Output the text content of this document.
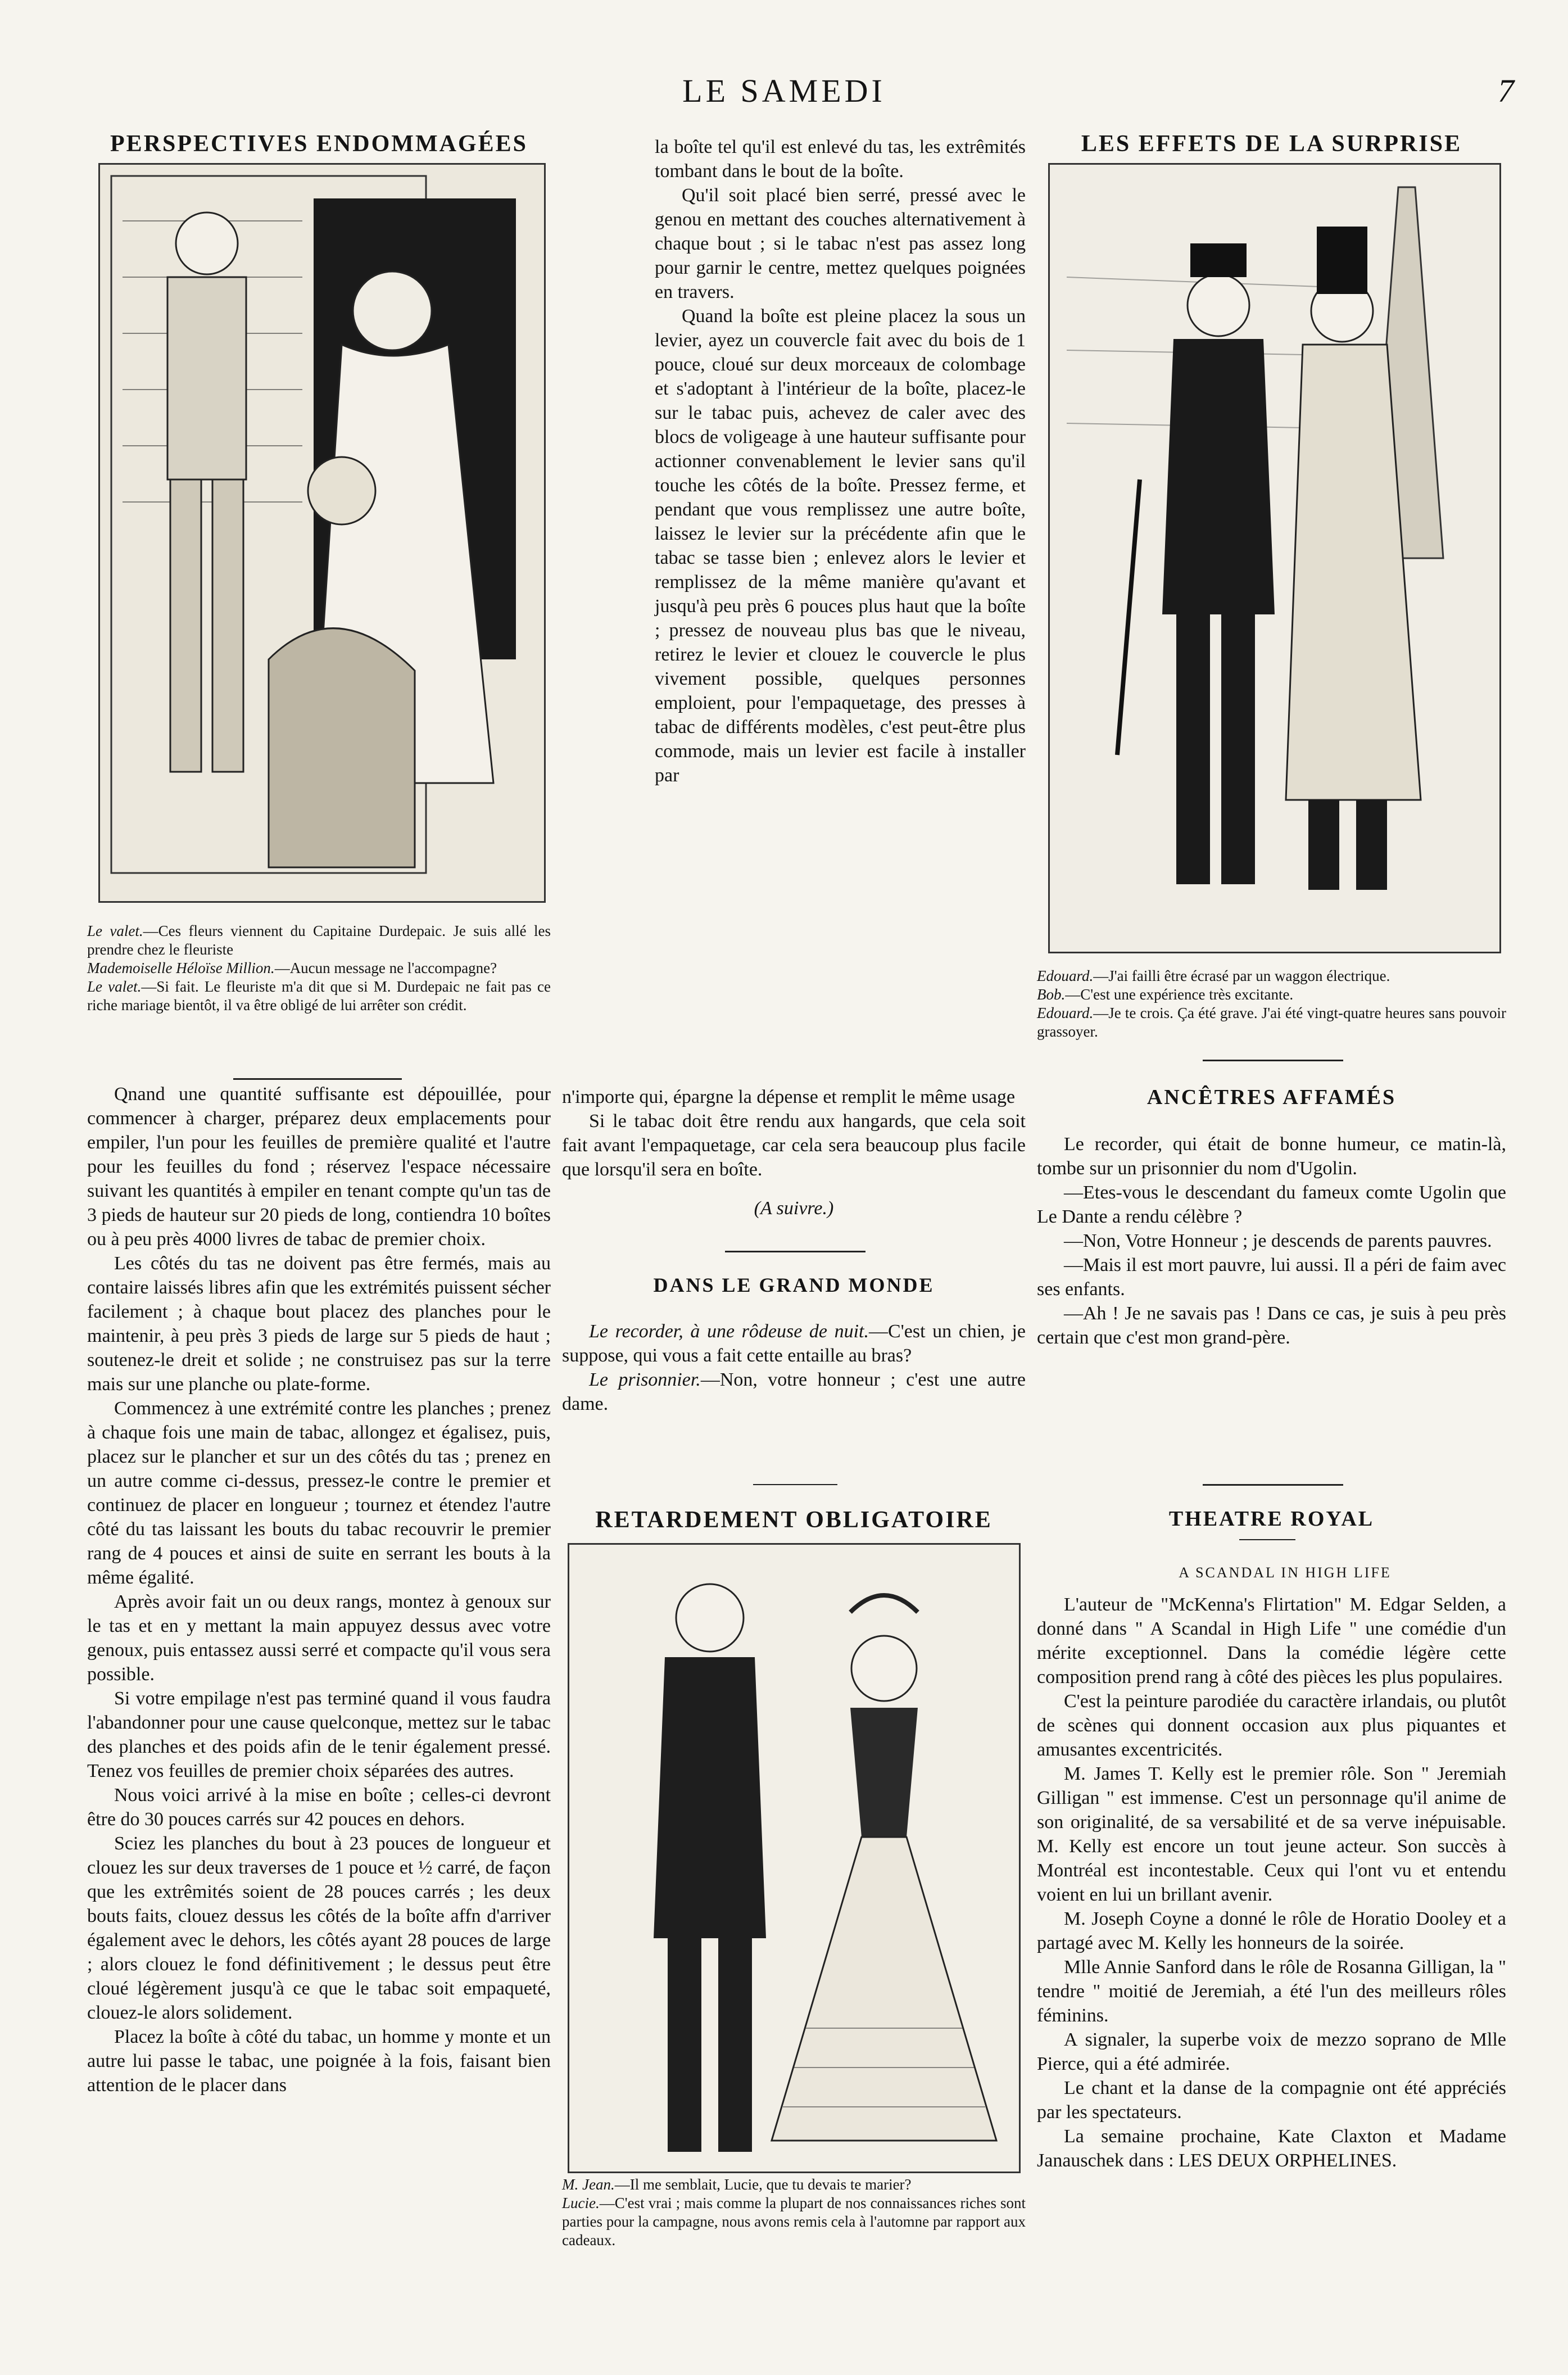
LE SAMEDI	7
PERSPECTIVES ENDOMMAGÉES

Le valet.—Ces fleurs viennent du Capitaine Durdepaic. Je suis allé les prendre chez le fleuriste

Mademoiselle Héloïse Million.—Aucun message ne l'accompagne?

Le valet.—Si fait. Le fleuriste m'a dit que si M. Durdepaic ne fait pas ce riche mariage bientôt, il va être obligé de lui arrêter son crédit.

Qnand une quantité suffisante est dépouillée, pour commencer à charger, préparez deux emplacements pour empiler, l'un pour les feuilles de première qualité et l'autre pour les feuilles du fond ; réservez l'espace nécessaire suivant les quantités à empiler en tenant compte qu'un tas de 3 pieds de hauteur sur 20 pieds de long, contiendra 10 boîtes ou à peu près 4000 livres de tabac de premier choix.

Les côtés du tas ne doivent pas être fermés, mais au contaire laissés libres afin que les extrémités puissent sécher facilement ; à chaque bout placez des planches pour le maintenir, à peu près 3 pieds de large sur 5 pieds de haut ; soutenez-le dreit et solide ; ne construisez pas sur la terre mais sur une planche ou plate-forme.

Commencez à une extrémité contre les planches ; prenez à chaque fois une main de tabac, allongez et égalisez, puis, placez sur le plancher et sur un des côtés du tas ; prenez en un autre comme ci-dessus, pressez-le contre le premier et continuez de placer en longueur ; tournez et étendez l'autre côté du tas laissant les bouts du tabac recouvrir le premier rang de 4 pouces et ainsi de suite en serrant les bouts à la même égalité.

Après avoir fait un ou deux rangs, montez à genoux sur le tas et en y mettant la main appuyez dessus avec votre genoux, puis entassez aussi serré et compacte qu'il vous sera possible.

Si votre empilage n'est pas terminé quand il vous faudra l'abandonner pour une cause quelconque, mettez sur le tabac des planches et des poids afin de le tenir également pressé. Tenez vos feuilles de premier choix séparées des autres.

Nous voici arrivé à la mise en boîte ; celles-ci devront être do 30 pouces carrés sur 42 pouces en dehors.

Sciez les planches du bout à 23 pouces de longueur et clouez les sur deux traverses de 1 pouce et ½ carré, de façon que les extrêmités soient de 28 pouces carrés ; les deux bouts faits, clouez dessus les côtés de la boîte affn d'arriver également avec le dehors, les côtés ayant 28 pouces de large ; alors clouez le fond définitivement ; le dessus peut être cloué légèrement jusqu'à ce que le tabac soit empaqueté, clouez-le alors solidement.

Placez la boîte à côté du tabac, un homme y monte et un autre lui passe le tabac, une poignée à la fois, faisant bien attention de le placer dans

la boîte tel qu'il est enlevé du tas, les extrêmités tombant dans le bout de la boîte.

Qu'il soit placé bien serré, pressé avec le genou en mettant des couches alternativement à chaque bout ; si le tabac n'est pas assez long pour garnir le centre, mettez quelques poignées en travers.

Quand la boîte est pleine placez la sous un levier, ayez un couvercle fait avec du bois de 1 pouce, cloué sur deux morceaux de colombage et s'adoptant à l'intérieur de la boîte, placez-le sur le tabac puis, achevez de caler avec des blocs de voligeage à une hauteur suffisante pour actionner convenablement le levier sans qu'il touche les côtés de la boîte. Pressez ferme, et pendant que vous remplissez une autre boîte, laissez le levier sur la précédente afin que le tabac se tasse bien ; enlevez alors le levier et remplissez de la même manière qu'avant et jusqu'à peu près 6 pouces plus haut que la boîte ; pressez de nouveau plus bas que le niveau, retirez le levier et clouez le couvercle le plus vivement possible, quelques personnes emploient, pour l'empaquetage, des presses à tabac de différents modèles, c'est peut-être plus commode, mais un levier est facile à installer par

n'importe qui, épargne la dépense et remplit le même usage

Si le tabac doit être rendu aux hangards, que cela soit fait avant l'empaquetage, car cela sera beaucoup plus facile que lorsqu'il sera en boîte.

(A suivre.)

DANS LE GRAND MONDE

Le recorder, à une rôdeuse de nuit.—C'est un chien, je suppose, qui vous a fait cette entaille au bras?

Le prisonnier.—Non, votre honneur ; c'est une autre dame.

RETARDEMENT OBLIGATOIRE

M. Jean.—Il me semblait, Lucie, que tu devais te marier?

Lucie.—C'est vrai ; mais comme la plupart de nos connaissances riches sont parties pour la campagne, nous avons remis cela à l'automne par rapport aux cadeaux.

LES EFFETS DE LA SURPRISE

Edouard.—J'ai failli être écrasé par un waggon électrique.

Bob.—C'est une expérience très excitante.

Edouard.—Je te crois. Ça été grave. J'ai été vingt-quatre heures sans pouvoir grassoyer.

ANCÊTRES AFFAMÉS

Le recorder, qui était de bonne humeur, ce matin-là, tombe sur un prisonnier du nom d'Ugolin.

—Etes-vous le descendant du fameux comte Ugolin que Le Dante a rendu célèbre ?

—Non, Votre Honneur ; je descends de parents pauvres.

—Mais il est mort pauvre, lui aussi. Il a péri de faim avec ses enfants.

—Ah ! Je ne savais pas ! Dans ce cas, je suis à peu près certain que c'est mon grand-père.

THEATRE ROYAL

A SCANDAL IN HIGH LIFE

L'auteur de "McKenna's Flirtation" M. Edgar Selden, a donné dans " A Scandal in High Life " une comédie d'un mérite exceptionnel. Dans la comédie légère cette composition prend rang à côté des pièces les plus populaires.

C'est la peinture parodiée du caractère irlandais, ou plutôt de scènes qui donnent occasion aux plus piquantes et amusantes excentricités.

M. James T. Kelly est le premier rôle. Son " Jeremiah Gilligan " est immense. C'est un personnage qu'il anime de son originalité, de sa versabilité et de sa verve inépuisable. M. Kelly est encore un tout jeune acteur. Son succès à Montréal est incontestable. Ceux qui l'ont vu et entendu voient en lui un brillant avenir.

M. Joseph Coyne a donné le rôle de Horatio Dooley et a partagé avec M. Kelly les honneurs de la soirée.

Mlle Annie Sanford dans le rôle de Rosanna Gilligan, la " tendre " moitié de Jeremiah, a été l'un des meilleurs rôles féminins.

A signaler, la superbe voix de mezzo soprano de Mlle Pierce, qui a été admirée.

Le chant et la danse de la compagnie ont été appréciés par les spectateurs.

La semaine prochaine, Kate Claxton et Madame Janauschek dans : LES DEUX ORPHELINES.
